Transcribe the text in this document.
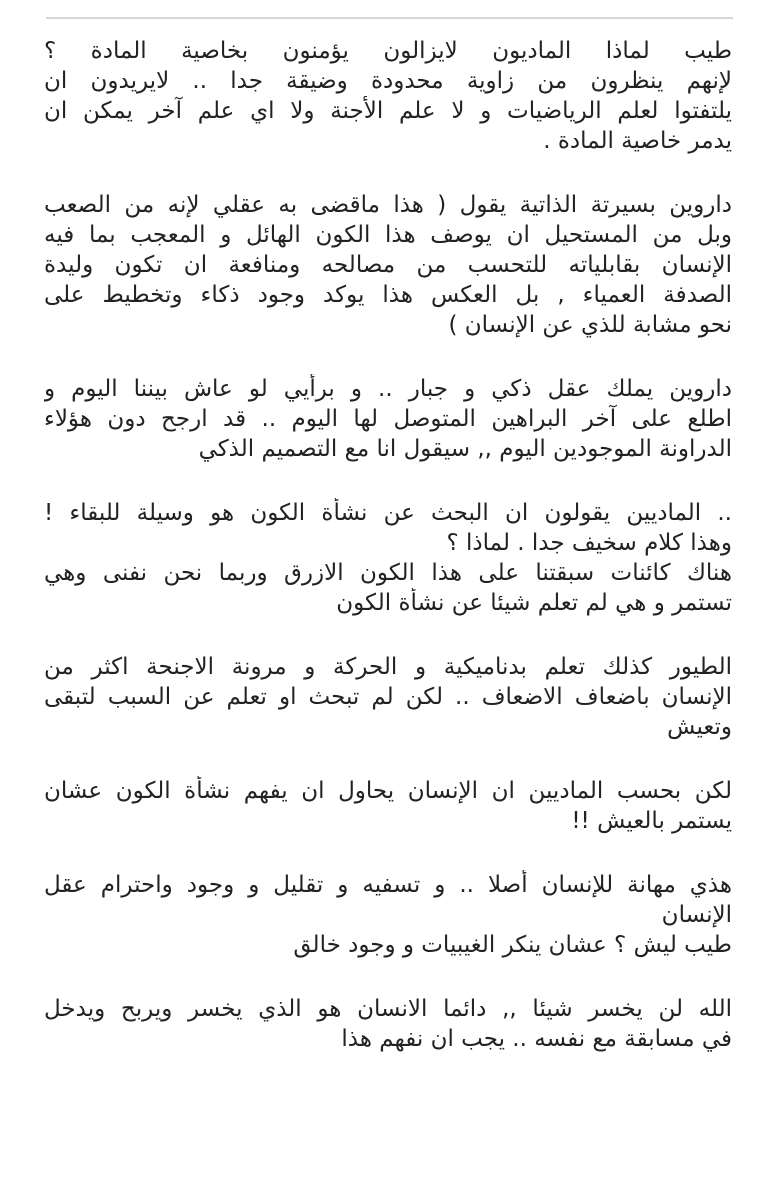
طيب لماذا الماديون لايزالون يؤمنون بخاصية المادة ؟
لإنهم ينظرون من زاوية محدودة وضيقة جدا .. لايريدون ان
يلتفتوا لعلم الرياضيات و لا علم الأجنة ولا اي علم آخر يمكن ان
يدمر خاصية المادة .
داروين بسيرتة الذاتية يقول ( هذا ماقضى به عقلي لإنه من الصعب
وبل من المستحيل ان يوصف هذا الكون الهائل و المعجب بما فيه
الإنسان بقابلياته للتحسب من مصالحه ومنافعة ان تكون وليدة
الصدفة العمياء , بل العكس هذا يوكد وجود ذكاء وتخطيط على
نحو مشابة للذي عن الإنسان )
داروين يملك عقل ذكي و جبار .. و برأيي لو عاش بيننا اليوم و
اطلع على آخر البراهين المتوصل لها اليوم .. قد ارجح دون هؤلاء
الدراونة الموجودين اليوم ,, سيقول انا مع التصميم الذكي
.. الماديين يقولون ان البحث عن نشأة الكون هو وسيلة للبقاء !
وهذا كلام سخيف جدا . لماذا ؟
هناك كائنات سبقتنا على هذا الكون الازرق وربما نحن نفنى وهي
تستمر و هي لم تعلم شيئا عن نشأة الكون
الطيور كذلك تعلم بدناميكية و الحركة و مرونة الاجنحة اكثر من
الإنسان باضعاف الاضعاف .. لكن لم تبحث او تعلم عن السبب لتبقى
وتعيش
لكن بحسب الماديين ان الإنسان يحاول ان يفهم نشأة الكون عشان
يستمر بالعيش !!
هذي مهانة للإنسان أصلا .. و تسفيه و تقليل و وجود واحترام عقل
الإنسان
طيب ليش ؟ عشان ينكر الغيبيات و وجود خالق
الله لن يخسر شيئا ,, دائما الانسان هو الذي يخسر ويربح ويدخل
في مسابقة مع نفسه .. يجب ان نفهم هذا
